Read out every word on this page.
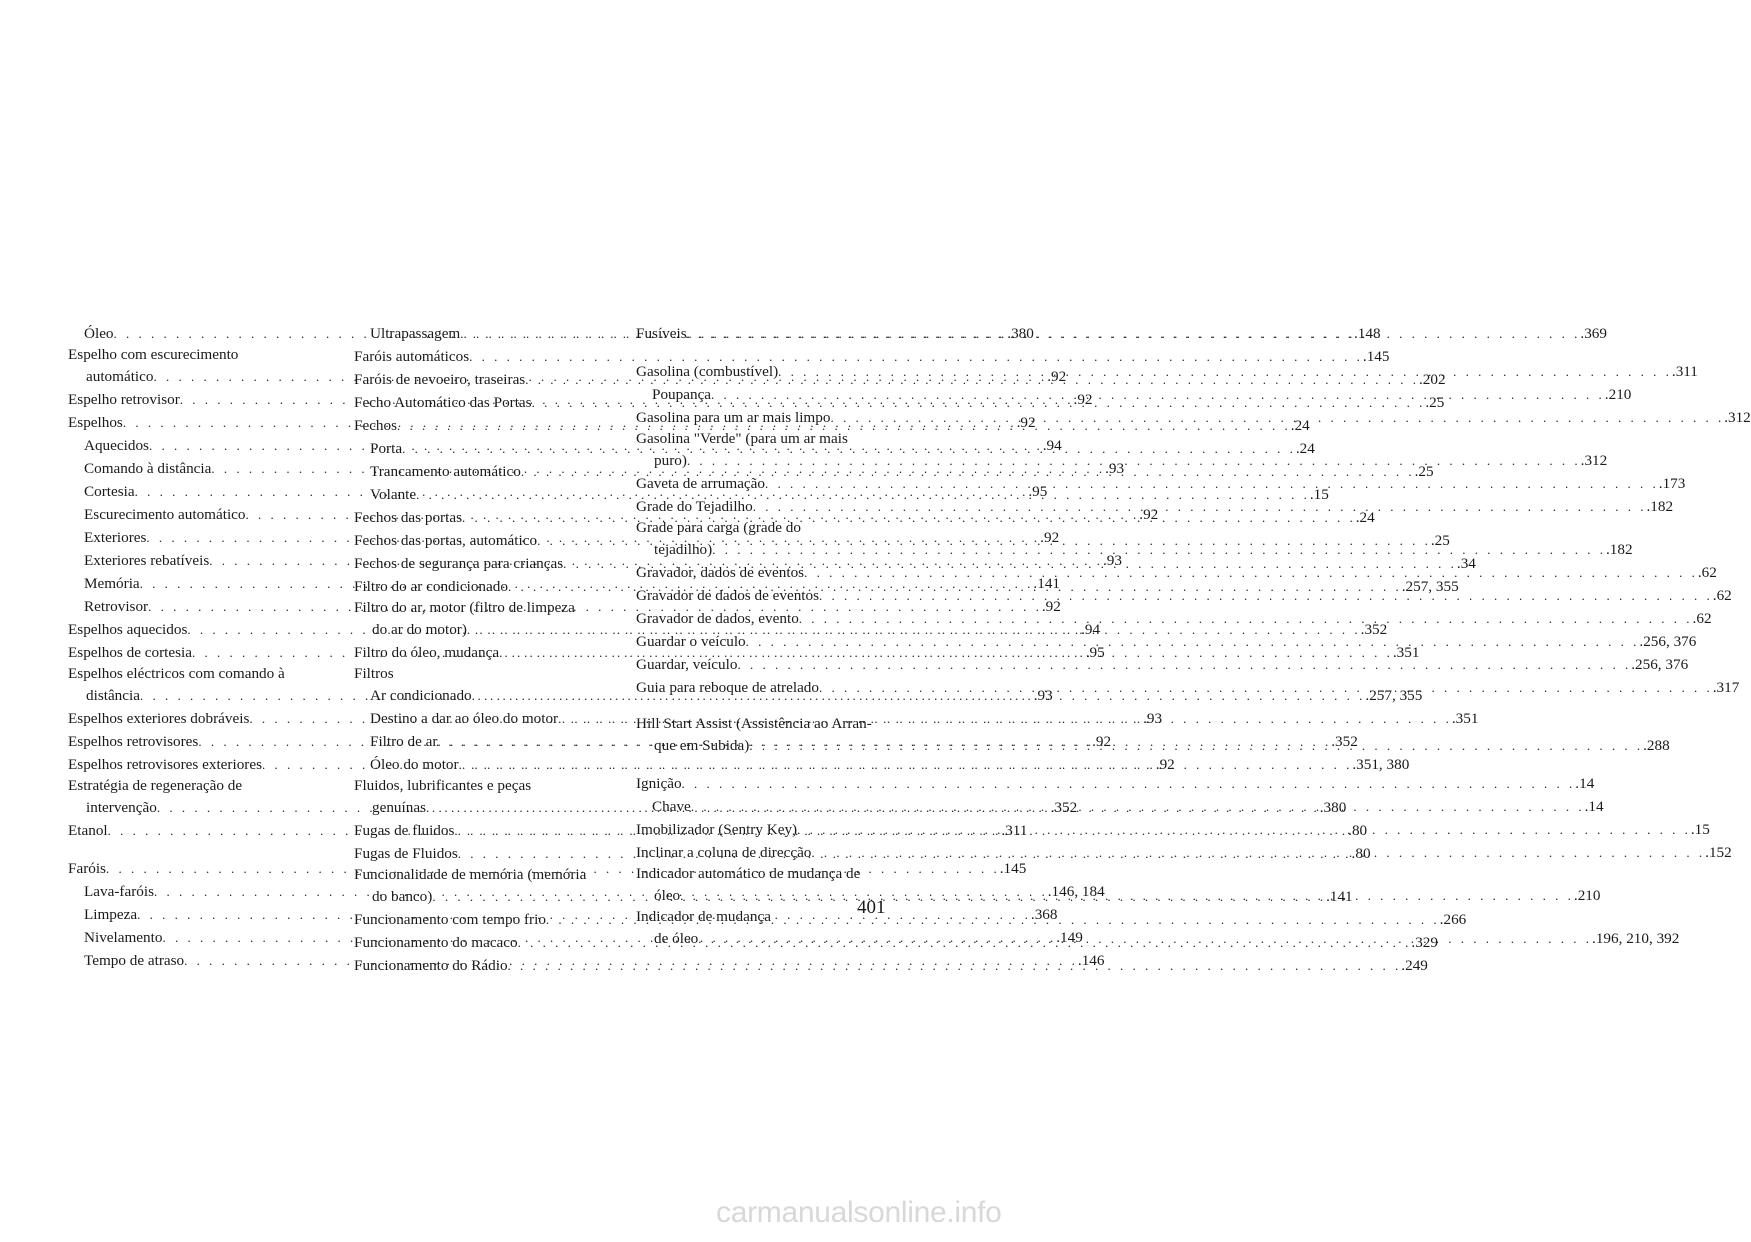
Óleo . . .	.380
Espelho com escurecimento
automático . . .	.92
Espelho retrovisor . . .	.92
Espelhos . . .	.92
Aquecidos . . .	.94
Comando à distância . . .	.93
Cortesia . . .	.95
Escurecimento automático . . .	.92
Exteriores . . .	.92
Exteriores rebatíveis . . .	.93
Memória . . .	.141
Retrovisor . . .	.92
Espelhos aquecidos . . .	.94
Espelhos de cortesia . . .	.95
Espelhos eléctricos com comando à
distância . . .	.93
Espelhos exteriores dobráveis . . .	.93
Espelhos retrovisores . . .	.92
Espelhos retrovisores exteriores . . .	.92
Estratégia de regeneração de
intervenção . . .	.352
Etanol . . .	.311
Faróis . . .	.145
Lava-faróis . . .	.146, 184
Limpeza . . .	.368
Nivelamento . . .	.149
Tempo de atraso . . .	.146
Ultrapassagem . . .	.148
Faróis automáticos . . .	.145
Faróis de nevoeiro, traseiras . . .	.202
Fecho Automático das Portas . . .	.25
Fechos . . .	.24
Porta . . .	.24
Trancamento automático . . .	.25
Volante . . .	.15
Fechos das portas . . .	.24
Fechos das portas, automático . . .	.25
Fechos de segurança para crianças . . .	.34
Filtro do ar condicionado . . .	.257, 355
Filtro do ar, motor (filtro de limpeza
do ar do motor) . . .	.352
Filtro do óleo, mudança . . .	.351
Filtros
Ar condicionado . . .	.257, 355
Destino a dar ao óleo do motor . . .	.351
Filtro de ar . . .	.352
Óleo do motor . . .	.351, 380
Fluidos, lubrificantes e peças
genuínas . . .	.380
Fugas de fluidos . . .	.80
Fugas de Fluidos . . .	.80
Funcionalidade de memória (memória
do banco) . . .	.141
Funcionamento com tempo frio . . .	.266
Funcionamento do macaco . . .	.329
Funcionamento do Rádio . . .	.249
Fusíveis . . .	.369
Gasolina (combustível) . . .	.311
Poupança . . .	.210
Gasolina para um ar mais limpo . . .	.312
Gasolina "Verde" (para um ar mais
puro) . . .	.312
Gaveta de arrumação . . .	.173
Grade do Tejadilho . . .	.182
Grade para carga (grade do
tejadilho) . . .	.182
Gravador, dados de eventos . . .	.62
Gravador de dados de eventos . . .	.62
Gravador de dados, evento . . .	.62
Guardar o veículo . . .	.256, 376
Guardar, veículo . . .	.256, 376
Guia para reboque de atrelado . . .	.317
Hill Start Assist (Assistência ao Arran-
que em Subida) . . .	.288
Ignição . . .	.14
Chave . . .	.14
Imobilizador (Sentry Key) . . .	.15
Inclinar a coluna de direcção . . .	.152
Indicador automático de mudança de
óleo . . .	.210
Indicador de mudança
de óleo . . .	.196, 210, 392
401
carmanualsonline.info
